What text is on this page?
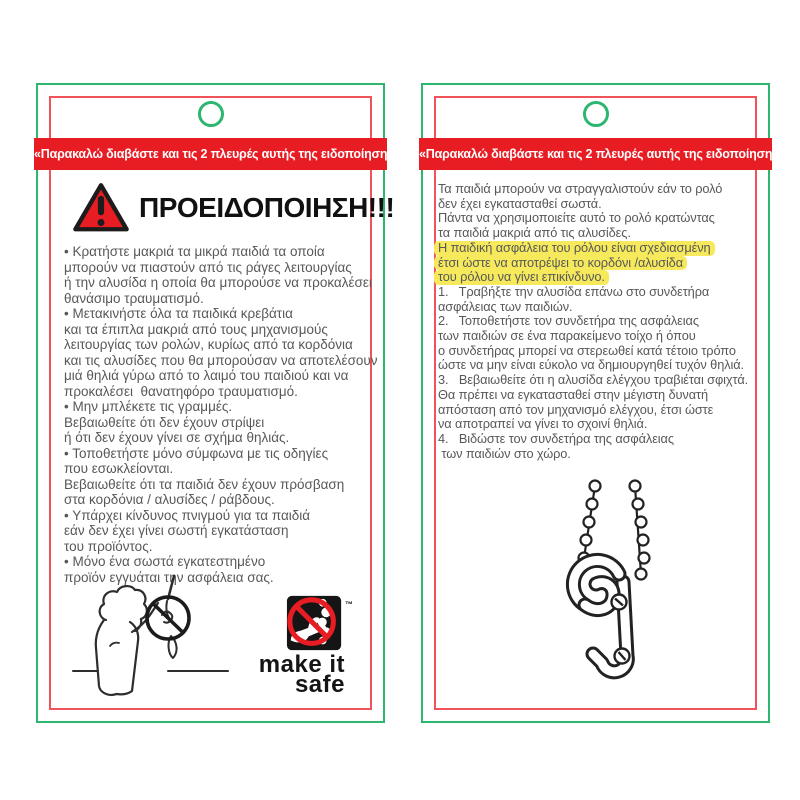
«Παρακαλώ διαβάστε και τις 2 πλευρές αυτής της ειδοποίησης»
ΠΡΟΕΙΔΟΠΟΙΗΣΗ!!!
• Κρατήστε μακριά τα μικρά παιδιά τα οποία
μπορούν να πιαστούν από τις ράγες λειτουργίας
ή την αλυσίδα η οποία θα μπορούσε να προκαλέσει
θανάσιμο τραυματισμό.
• Μετακινήστε όλα τα παιδικά κρεβάτια
και τα έπιπλα μακριά από τους μηχανισμούς
λειτουργίας των ρολών, κυρίως από τα κορδόνια
και τις αλυσίδες που θα μπορούσαν να αποτελέσουν
μιά θηλιά γύρω από το λαιμό του παιδιού και να
προκαλέσει  θανατηφόρο τραυματισμό.
• Μην μπλέκετε τις γραμμές.
Βεβαιωθείτε ότι δεν έχουν στρίψει
ή ότι δεν έχουν γίνει σε σχήμα θηλιάς.
• Τοποθετήστε μόνο σύμφωνα με τις οδηγίες
που εσωκλείονται.
Βεβαιωθείτε ότι τα παιδιά δεν έχουν πρόσβαση
στα κορδόνια / αλυσίδες / ράβδους.
• Υπάρχει κίνδυνος πνιγμού για τα παιδιά
εάν δεν έχει γίνει σωστή εγκατάσταση
του προϊόντος.
• Μόνο ένα σωστά εγκατεστημένο
προϊόν εγγυάται την ασφάλεια σας.
™
make it
safe
«Παρακαλώ διαβάστε και τις 2 πλευρές αυτής της ειδοποίησης»
Τα παιδιά μπορούν να στραγγαλιστούν εάν το ρολό
δεν έχει εγκατασταθεί σωστά.
Πάντα να χρησιμοποιείτε αυτό το ρολό κρατώντας
τα παιδιά μακριά από τις αλυσίδες.
Η παιδική ασφάλεια του ρόλου είναι σχεδιασμένη
έτσι ώστε να αποτρέψει το κορδόνι /αλυσίδα
του ρόλου να γίνει επικίνδυνο.
1.   Τραβήξτε την αλυσίδα επάνω στο συνδετήρα
ασφάλειας των παιδιών.
2.   Τοποθετήστε τον συνδετήρα της ασφάλειας
των παιδιών σε ένα παρακείμενο τοίχο ή όπου
ο συνδετήρας μπορεί να στερεωθεί κατά τέτοιο τρόπο
ώστε να μην είναι εύκολο να δημιουργηθεί τυχόν θηλιά.
3.   Βεβαιωθείτε ότι η αλυσίδα ελέγχου τραβιέται σφιχτά.
Θα πρέπει να εγκατασταθεί στην μέγιστη δυνατή
απόσταση από τον μηχανισμό ελέγχου, έτσι ώστε
να αποτραπεί να γίνει το σχοινί θηλιά.
4.   Βιδώστε τον συνδετήρα της ασφάλειας
των παιδιών στο χώρο.
